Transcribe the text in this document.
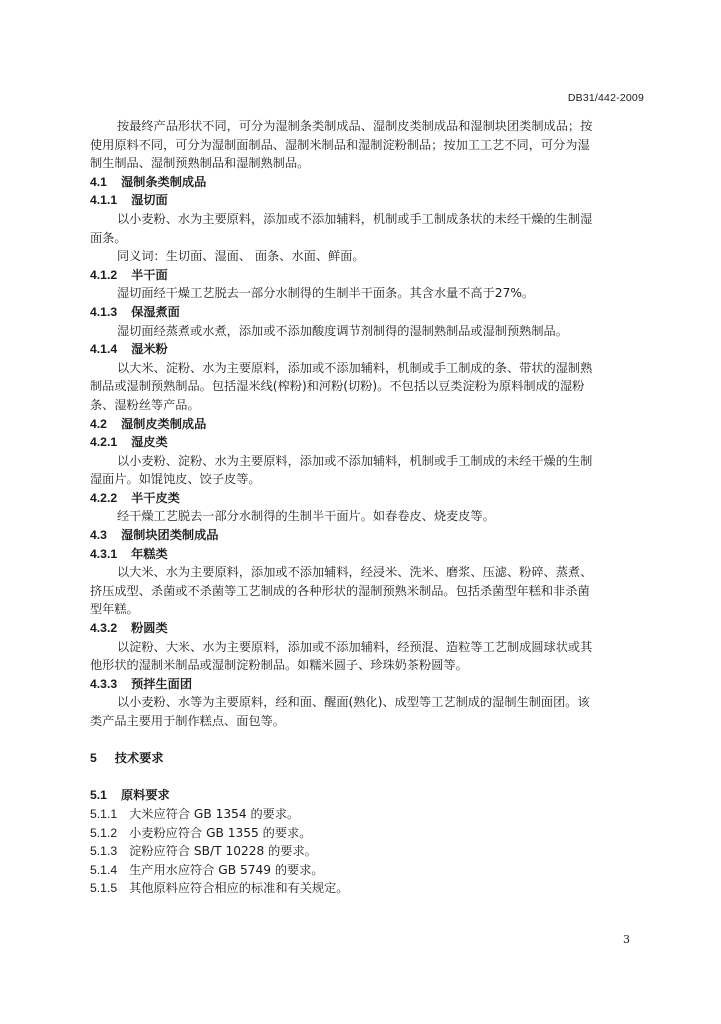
DB31/442-2009
按最终产品形状不同，可分为湿制条类制成品、湿制皮类制成品和湿制块团类制成品；按
使用原料不同，可分为湿制面制品、湿制米制品和湿制淀粉制品；按加工工艺不同，可分为湿
制生制品、湿制预熟制品和湿制熟制品。
4.1 湿制条类制成品
4.1.1 湿切面
以小麦粉、水为主要原料，添加或不添加辅料，机制或手工制成条状的未经干燥的生制湿
面条。
同义词：生切面、湿面、 面条、水面、鲜面。
4.1.2 半干面
湿切面经干燥工艺脱去一部分水制得的生制半干面条。其含水量不高于27%。
4.1.3 保湿煮面
湿切面经蒸煮或水煮，添加或不添加酸度调节剂制得的湿制熟制品或湿制预熟制品。
4.1.4 湿米粉
以大米、淀粉、水为主要原料，添加或不添加辅料，机制或手工制成的条、带状的湿制熟
制品或湿制预熟制品。包括湿米线(榨粉)和河粉(切粉)。不包括以豆类淀粉为原料制成的湿粉
条、湿粉丝等产品。
4.2 湿制皮类制成品
4.2.1 湿皮类
以小麦粉、淀粉、水为主要原料，添加或不添加辅料，机制或手工制成的未经干燥的生制
湿面片。如馄饨皮、饺子皮等。
4.2.2 半干皮类
经干燥工艺脱去一部分水制得的生制半干面片。如春卷皮、烧麦皮等。
4.3 湿制块团类制成品
4.3.1 年糕类
以大米、水为主要原料，添加或不添加辅料，经浸米、洗米、磨浆、压滤、粉碎、蒸煮、
挤压成型、杀菌或不杀菌等工艺制成的各种形状的湿制预熟米制品。包括杀菌型年糕和非杀菌
型年糕。
4.3.2 粉圆类
以淀粉、大米、水为主要原料，添加或不添加辅料，经预混、造粒等工艺制成圆球状或其
他形状的湿制米制品或湿制淀粉制品。如糯米圆子、珍珠奶茶粉圆等。
4.3.3 预拌生面团
以小麦粉、水等为主要原料，经和面、醒面(熟化)、成型等工艺制成的湿制生制面团。该
类产品主要用于制作糕点、面包等。
5 技术要求
5.1 原料要求
5.1.1 大米应符合 GB 1354 的要求。
5.1.2 小麦粉应符合 GB 1355 的要求。
5.1.3 淀粉应符合 SB/T 10228 的要求。
5.1.4 生产用水应符合 GB 5749 的要求。
5.1.5 其他原料应符合相应的标准和有关规定。
3
